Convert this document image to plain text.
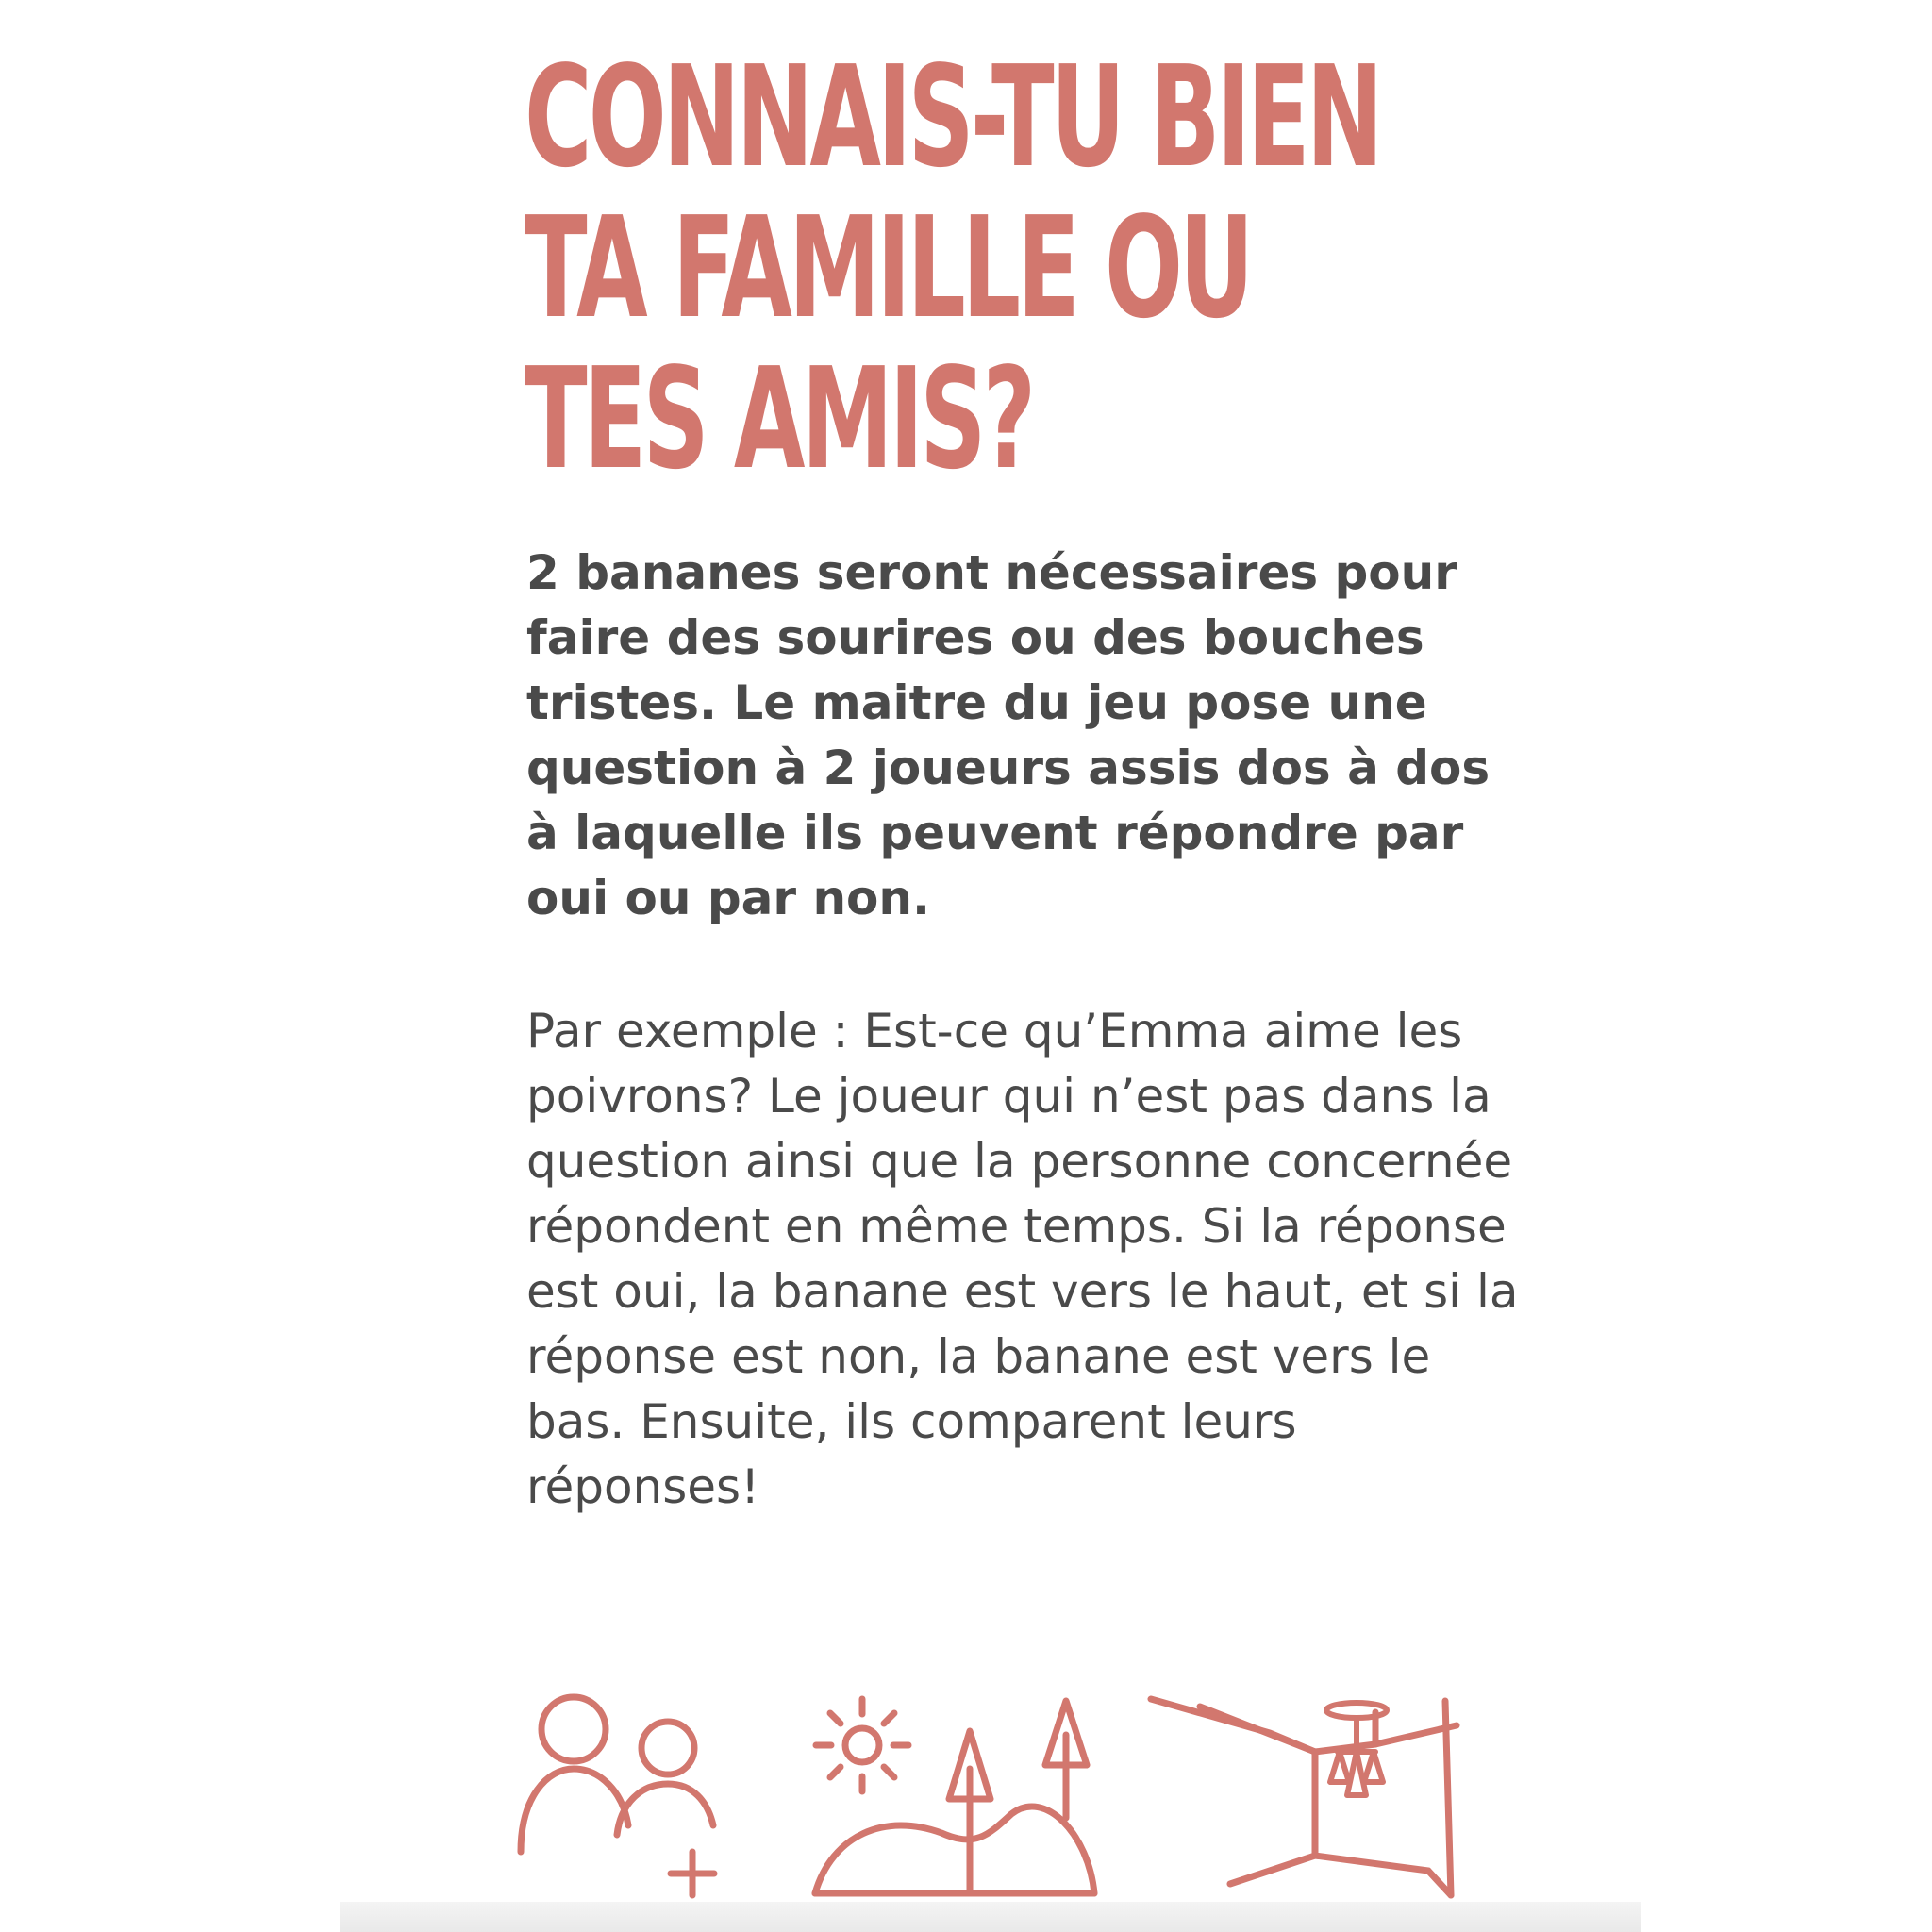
CONNAIS-TU BIEN
TA FAMILLE OU
TES AMIS?

2 bananes seront nécessaires pour faire des sourires ou des bouches tristes. Le maitre du jeu pose une question à 2 joueurs assis dos à dos à laquelle ils peuvent répondre par oui ou par non.

Par exemple : Est-ce qu’Emma aime les poivrons? Le joueur qui n’est pas dans la question ainsi que la personne concernée répondent en même temps. Si la réponse est oui, la banane est vers le haut, et si la réponse est non, la banane est vers le bas. Ensuite, ils comparent leurs réponses!
